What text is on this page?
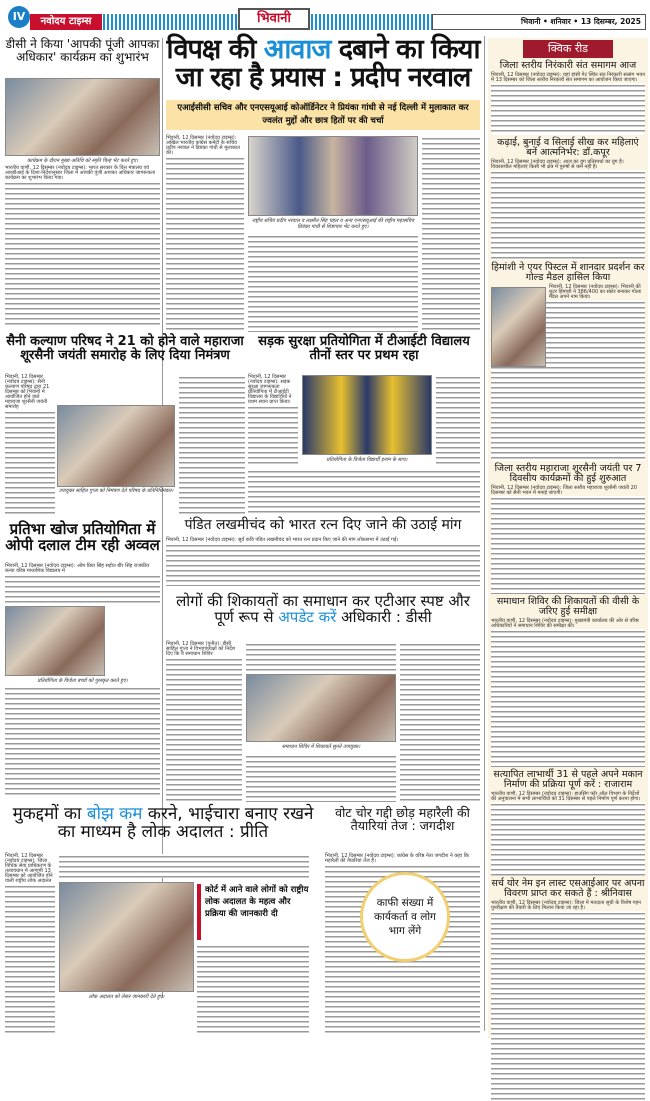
IV	नवोदय टाइम्स	भिवानी	भिवानी • शनिवार • 13 दिसम्बर, 2025
डीसी ने किया 'आपकी पूंजी आपका अधिकार' कार्यक्रम का शुभारंभ
कार्यक्रम के दौरान मुख्य अतिथि को स्मृति चिन्ह भेंट करते हुए।
भारतीय वाणी, 12 दिसम्बर (नवोदय टाइम्स): भारत सरकार के वित्त मंत्रालय एवं आरबीआई के दिशा-निर्देशानुसार जिला में आपकी पूंजी आपका अधिकार जागरूकता कार्यक्रम का शुभारंभ किया गया।
विपक्ष की आवाज दबाने का किया जा रहा है प्रयास : प्रदीप नरवाल
एआईसीसी सचिव और एनएसयूआई कोऑर्डिनेटर ने प्रियंका गांधी से नई दिल्ली में मुलाकात कर ज्वलंत मुद्दों और छात्र हितों पर की चर्चा
भिवानी, 12 दिसम्बर (नवोदय टाइम्स): अखिल भारतीय कांग्रेस कमेटी के सचिव प्रदीप नरवाल ने प्रियंका गांधी से मुलाकात की।
राष्ट्रीय सचिव प्रदीप नरवाल व लक्ष्मीत सिंह चहल व अन्य एनएसयूआई की राष्ट्रीय महासचिव प्रियंका गांधी से शिष्टाचार भेंट करते हुए।
सैनी कल्याण परिषद ने 21 को होने वाले महाराजा शूरसैनी जयंती समारोह के लिए दिया निमंत्रण
भिवानी, 12 दिसम्बर (नवोदय टाइम्स): सैनी कल्याण परिषद द्वारा 21 दिसम्बर को भिवानी में आयोजित होने वाले महाराजा शूरसैनी जयंती समारोह
उपायुक्त साहिल गुप्ता को निमंत्रण देते परिषद के प्रतिनिधिमंडल।
सड़क सुरक्षा प्रतियोगिता में टीआईटी विद्यालय तीनों स्तर पर प्रथम रहा
भिवानी, 12 दिसम्बर (नवोदय टाइम्स): सड़क सुरक्षा जागरूकता प्रतियोगिता में टीआईटी विद्यालय के विद्यार्थियों ने प्रथम स्थान प्राप्त किया।
प्रतियोगिता के विजेता विद्यार्थी इनाम के साथ।
प्रतिभा खोज प्रतियोगिता में ओपी दलाल टीम रही अव्वल
भिवानी, 12 दिसम्बर (नवोदय टाइम्स): ओम प्रिया सिंह सहोत बीर सिंह राजकीय कन्या वरिष्ठ माध्यमिक विद्यालय में
प्रतियोगिता के विजेता बच्चों को पुरस्कृत करते हुए।
पंडित लखमीचंद को भारत रत्न दिए जाने की उठाई मांग
भिवानी, 12 दिसम्बर (नवोदय टाइम्स): सूर्य कवि पंडित लखमीचंद को भारत रत्न प्रदान किए जाने की मांग लोकसभा में उठाई गई।
लोगों की शिकायतों का समाधान कर एटीआर स्पष्ट और पूर्ण रूप से अपडेट करें अधिकारी : डीसी
भिवानी, 12 दिसम्बर (पुनीत): डीसी साहिल गुप्ता ने विभागाध्यक्षों को निर्देश दिए कि वे समाधान शिविर
समाधान शिविर में शिकायतें सुनते उपायुक्त।
मुकद्दमों का बोझ कम करने, भाईचारा बनाए रखने का माध्यम है लोक अदालत : प्रीति
भिवानी, 12 दिसम्बर (नवोदय टाइम्स): जिला विधिक सेवा प्राधिकरण के तत्वावधान में आगामी 13 दिसम्बर को आयोजित होने वाली राष्ट्रीय लोक अदालत
लोक अदालत को लेकर जानकारी देते हुए।
कोर्ट में आने वाले लोगों को राष्ट्रीय लोक अदालत के महत्व और प्रक्रिया की जानकारी दी
वोट चोर गद्दी छोड़ महारैली की तैयारियां तेज : जगदीश
भिवानी, 12 दिसम्बर (नवोदय टाइम्स): कांग्रेस के वरिष्ठ नेता जगदीश ने कहा कि महारैली की तैयारियां तेज हैं।
काफी संख्या में कार्यकर्ता व लोग भाग लेंगे
क्विक रीड
जिला स्तरीय निरंकारी संत समागम आज
भिवानी, 12 दिसम्बर (नवोदय टाइम्स): यहां हांसी गेट स्थित संत निरंकारी सत्संग भवन में 13 दिसम्बर को जिला स्तरीय निरंकारी संत समागम का आयोजन किया जाएगा।
कढ़ाई, बुनाई व सिलाई सीख कर महिलाएं बनें आत्मनिर्भर: डॉ.कपूर
भिवानी, 12 दिसम्बर (नवोदय टाइम्स): आज का युग प्रतिस्पर्धा का युग है। विकासशील महिलाएं किसी भी क्षेत्र में पुरुषों से कम नहीं हैं।
हिमांशी ने एयर पिस्टल में शानदार प्रदर्शन कर गोल्ड मैडल हासिल किया
भिवानी, 12 दिसम्बर (नवोदय टाइम्स): भिवानी की शूटर हिमांशी ने 386/400 का स्कोर बनाकर गोल्ड मैडल अपने नाम किया।
जिला स्तरीय महाराजा शूरसैनी जयंती पर 7 दिवसीय कार्यक्रमों की हुई शुरुआत
भिवानी, 12 दिसम्बर (नवोदय टाइम्स): जिला स्तरीय महाराजा शूरसैनी जयंती 20 दिसम्बर को सैनी भवन में मनाई जाएगी।
समाधान शिविर की शिकायतों की वीसी के जरिए हुई समीक्षा
भारतीय वाणी, 12 दिसम्बर (नवोदय टाइम्स): मुख्यमंत्री कार्यालय की ओर से वरिष्ठ अधिकारियों ने समाधान शिविर की समीक्षा की।
सत्यापित लाभार्थी 31 से पहले अपने मकान निर्माण की प्रक्रिया पूर्ण करें : राजाराम
भारतीय वाणी, 12 दिसम्बर (नवोदय टाइम्स): हाउसिंग फॉर ऑल विभाग के निर्देशों की अनुपालना में सभी लाभार्थियों को 31 दिसम्बर से पहले निर्माण पूर्ण करना होगा।
सर्च योर नेम इन लास्ट एसआईआर पर अपना विवरण प्राप्त कर सकते हैं : श्रीनिवास
भारतीय वाणी, 12 दिसम्बर (नवोदय टाइम्स): जिला में मतदाता सूची के विशेष गहन पुनरीक्षण की तैयारी के लिए मिलान किया जा रहा है।
